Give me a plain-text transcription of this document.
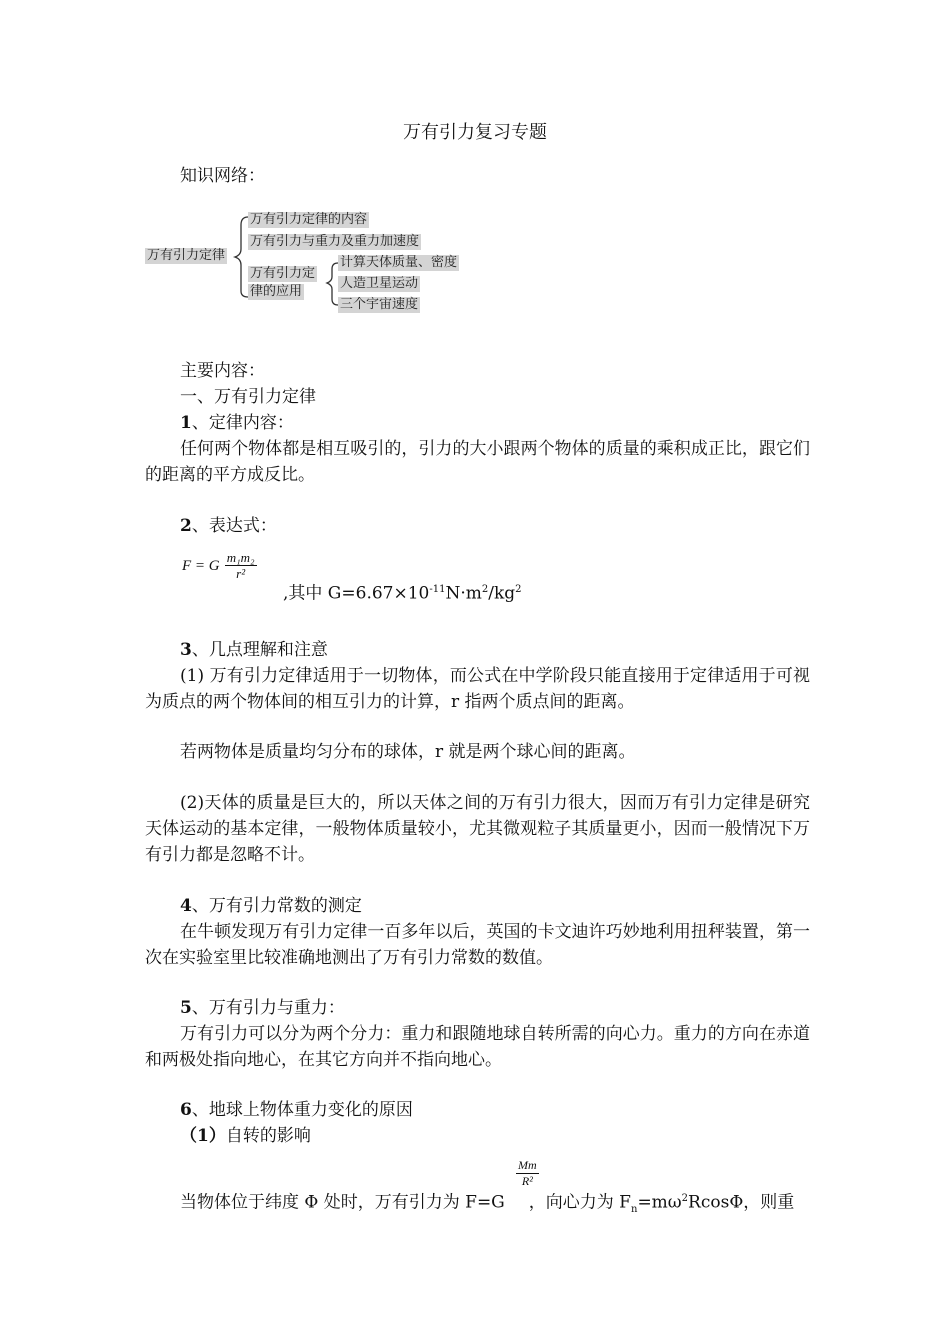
万有引力复习专题
知识网络：
万有引力定律
万有引力定律的内容
万有引力与重力及重力加速度
万有引力定
律的应用
计算天体质量、密度
人造卫星运动
三个宇宙速度
主要内容：
一、万有引力定律
1、定律内容：
任何两个物体都是相互吸引的，引力的大小跟两个物体的质量的乘积成正比，跟它们的距离的平方成反比。
2、表达式：
F = G $\frac{\text{m₁m₂}}{\text{r²}}$
,其中 $G=6.67\times 10^{-11}N\cdot m^2/kg^2$
3、几点理解和注意
(1) 万有引力定律适用于一切物体，而公式在中学阶段只能直接用于定律适用于可视为质点的两个物体间的相互引力的计算，r 指两个质点间的距离。
若两物体是质量均匀分布的球体，r 就是两个球心间的距离。
(2)天体的质量是巨大的，所以天体之间的万有引力很大，因而万有引力定律是研究天体运动的基本定律，一般物体质量较小，尤其微观粒子其质量更小，因而一般情况下万有引力都是忽略不计。
4、万有引力常数的测定
在牛顿发现万有引力定律一百多年以后，英国的卡文迪许巧妙地利用扭秤装置，第一次在实验室里比较准确地测出了万有引力常数的数值。
5、万有引力与重力：
万有引力可以分为两个分力：重力和跟随地球自转所需的向心力。重力的方向在赤道和两极处指向地心，在其它方向并不指向地心。
6、地球上物体重力变化的原因
（1）自转的影响
$\frac{Mm}{\text{R²}}$
当物体位于纬度 Φ 处时，万有引力为 F=G ，向心力为 $F_n=m\omega^2Rcos\Phi$，则重
